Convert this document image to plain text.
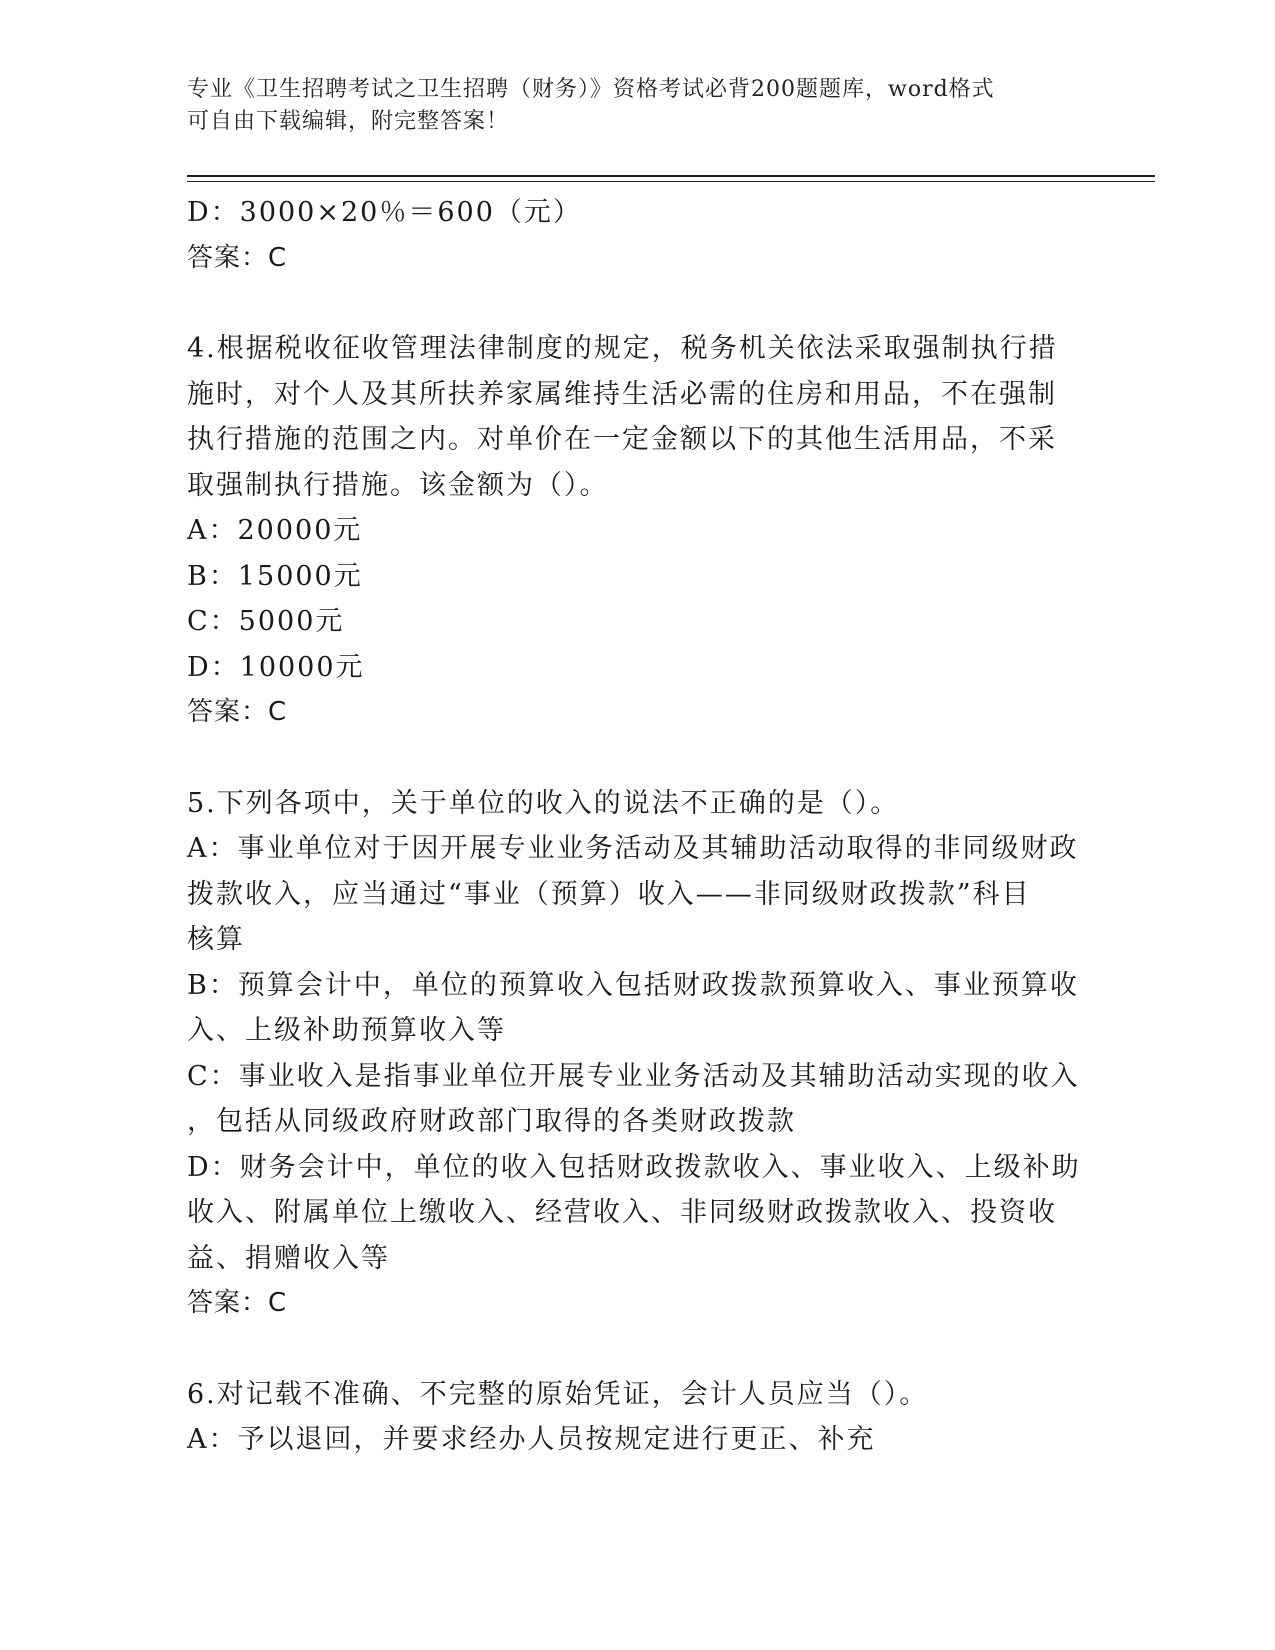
专业《卫生招聘考试之卫生招聘（财务）》资格考试必背200题题库，word格式
可自由下载编辑，附完整答案！
D：3000×20％＝600（元）
答案：C
4.根据税收征收管理法律制度的规定，税务机关依法采取强制执行措
施时，对个人及其所扶养家属维持生活必需的住房和用品，不在强制
执行措施的范围之内。对单价在一定金额以下的其他生活用品，不采
取强制执行措施。该金额为（）。
A：20000元
B：15000元
C：5000元
D：10000元
答案：C
5.下列各项中，关于单位的收入的说法不正确的是（）。
A：事业单位对于因开展专业业务活动及其辅助活动取得的非同级财政
拨款收入，应当通过“事业（预算）收入——非同级财政拨款”科目
核算
B：预算会计中，单位的预算收入包括财政拨款预算收入、事业预算收
入、上级补助预算收入等
C：事业收入是指事业单位开展专业业务活动及其辅助活动实现的收入
，包括从同级政府财政部门取得的各类财政拨款
D：财务会计中，单位的收入包括财政拨款收入、事业收入、上级补助
收入、附属单位上缴收入、经营收入、非同级财政拨款收入、投资收
益、捐赠收入等
答案：C
6.对记载不准确、不完整的原始凭证，会计人员应当（）。
A：予以退回，并要求经办人员按规定进行更正、补充
